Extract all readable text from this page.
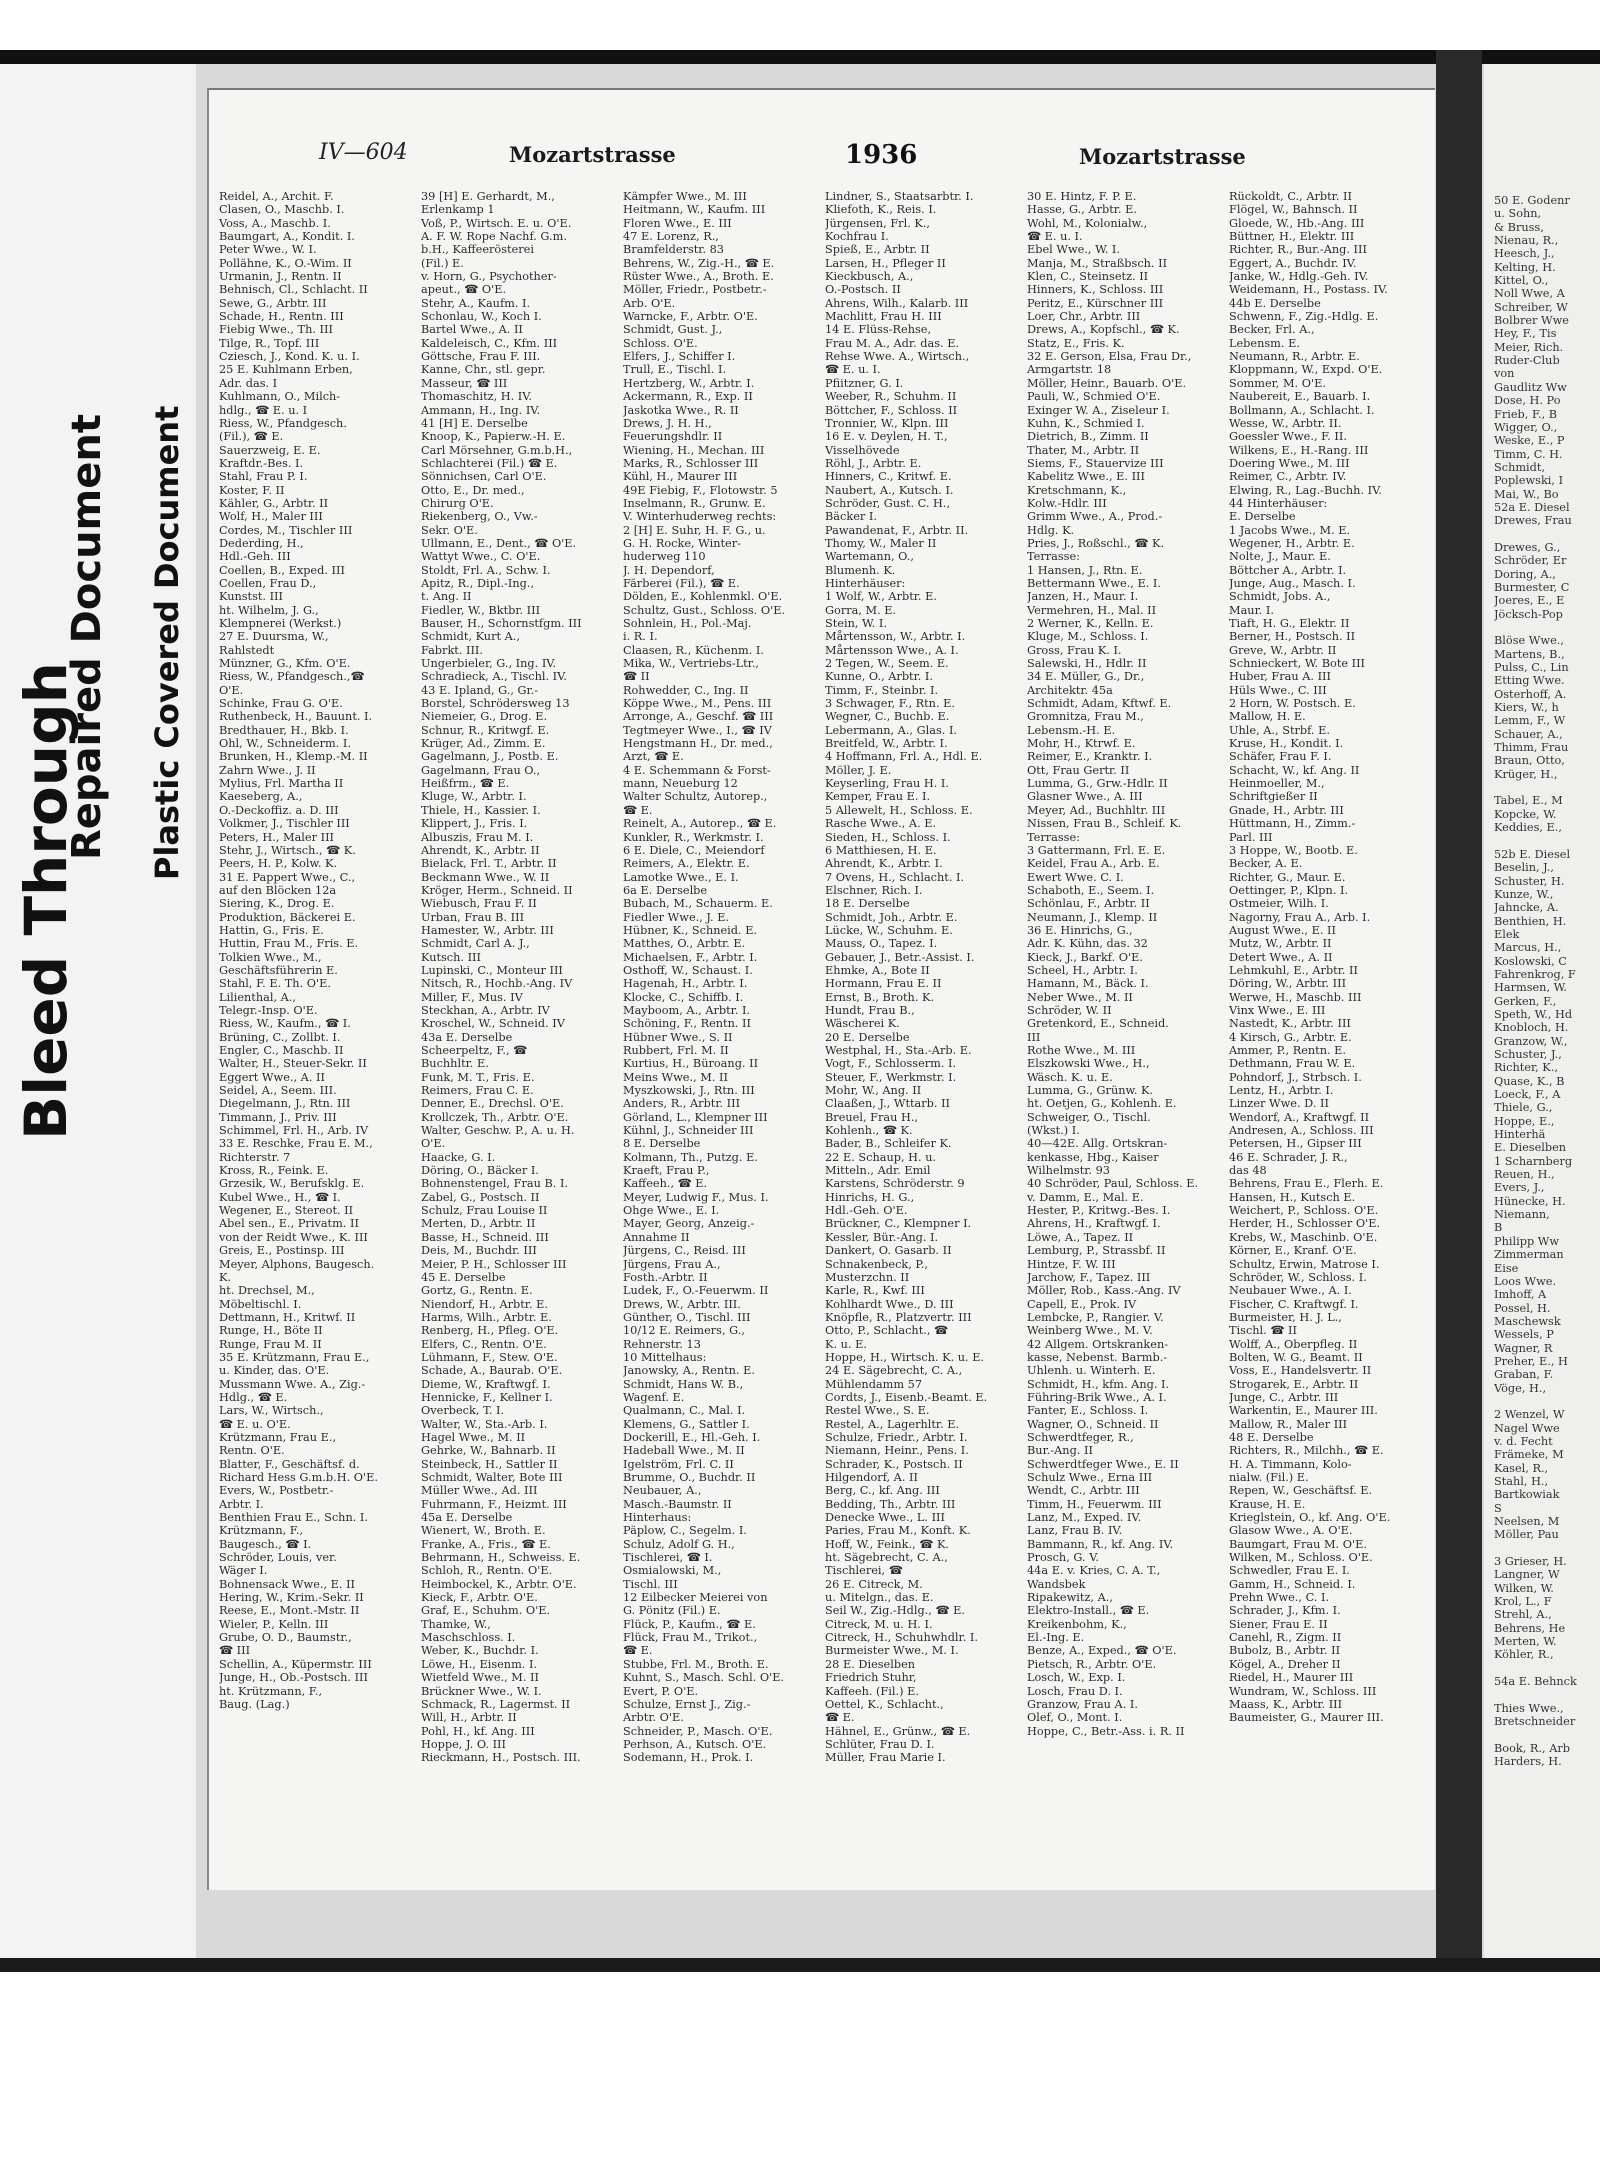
Repaired Document Plastic Covered Document
IV—604	Mozartstrasse	1936	Mozartstrasse
Reidel, A., Archit. F.
Clasen, O., Maschb. I.
Voss, A., Maschb. I.
Baumgart, A., Kondit. I.
Peter Wwe., W. I.
Pollähne, K., O.-Wim. II
Urmanin, J., Rentn. II
Behnisch, Cl., Schlacht. II
Sewe, G., Arbtr. III
Schade, H., Rentn. III
Fiebig Wwe., Th. III
Tilge, R., Topf. III
Cziesch, J., Kond. K. u. I.
25 E. Kuhlmann Erben,
Adr. das. I
Kuhlmann, O., Milch-
hdlg., ☎ E. u. I
Riess, W., Pfandgesch.
(Fil.), ☎ E.
Sauerzweig, E. E.
Kraftdr.-Bes. I.
Stahl, Frau P. I.
Koster, F. II
Kähler, G., Arbtr. II
Wolf, H., Maler III
Cordes, M., Tischler III
Dederding, H.,
Hdl.-Geh. III
Coellen, B., Exped. III
Coellen, Frau D.,
Kunstst. III
ht. Wilhelm, J. G.,
Klempnerei (Werkst.)
27 E. Duursma, W.,
Rahlstedt
Münzner, G., Kfm. O'E.
Riess, W., Pfandgesch.,☎
O'E.
Schinke, Frau G. O'E.
Ruthenbeck, H., Bauunt. I.
Bredthauer, H., Bkb. I.
Ohl, W., Schneiderm. I.
Brunken, H., Klemp.-M. II
Zahrn Wwe., J. II
Mylius, Frl. Martha II
Kaeseberg, A.,
O.-Deckoffiz. a. D. III
Volkmer, J., Tischler III
Peters, H., Maler III
Stehr, J., Wirtsch., ☎ K.
Peers, H. P., Kolw. K.
31 E. Pappert Wwe., C.,
auf den Blöcken 12a
Siering, K., Drog. E.
Produktion, Bäckerei E.
Hattin, G., Fris. E.
Huttin, Frau M., Fris. E.
Tolkien Wwe., M.,
Geschäftsführerin E.
Stahl, F. E. Th. O'E.
Lilienthal, A.,
Telegr.-Insp. O'E.
Riess, W., Kaufm., ☎ I.
Brüning, C., Zollbt. I.
Engler, C., Maschb. II
Walter, H., Steuer-Sekr. II
Eggert Wwe., A. II
Seidel, A., Seem. III.
Diegelmann, J., Rtn. III
Timmann, J., Priv. III
Schimmel, Frl. H., Arb. IV
33 E. Reschke, Frau E. M.,
Richterstr. 7
Kross, R., Feink. E.
Grzesik, W., Berufsklg. E.
Kubel Wwe., H., ☎ I.
Wegener, E., Stereot. II
Abel sen., E., Privatm. II
von der Reidt Wwe., K. III
Greis, E., Postinsp. III
Meyer, Alphons, Baugesch.
K.
ht. Drechsel, M.,
Möbeltischl. I.
Dettmann, H., Kritwf. II
Runge, H., Böte II
Runge, Frau M. II
35 E. Krützmann, Frau E.,
u. Kinder, das. O'E.
Mussmann Wwe. A., Zig.-
Hdlg., ☎ E.
Lars, W., Wirtsch.,
☎ E. u. O'E.
Krützmann, Frau E.,
Rentn. O'E.
Blatter, F., Geschäftsf. d.
Richard Hess G.m.b.H. O'E.
Evers, W., Postbetr.-
Arbtr. I.
Benthien Frau E., Schn. I.
Krützmann, F.,
Baugesch., ☎ I.
Schröder, Louis, ver.
Wäger I.
Bohnensack Wwe., E. II
Hering, W., Krim.-Sekr. II
Reese, E., Mont.-Mstr. II
Wieler, P., Kelln. III
Grube, O. D., Baumstr.,
☎ III
Schellin, A., Küpermstr. III
Junge, H., Ob.-Postsch. III
ht. Krützmann, F.,
Baug. (Lag.)
39 [H] E. Gerhardt, M.,
Erlenkamp 1
Voß, P., Wirtsch. E. u. O'E.
A. F. W. Rope Nachf. G.m.
b.H., Kaffeerösterei
(Fil.) E.
v. Horn, G., Psychother-
apeut., ☎ O'E.
Stehr, A., Kaufm. I.
Schonlau, W., Koch I.
Bartel Wwe., A. II
Kaldeleisch, C., Kfm. III
Göttsche, Frau F. III.
Kanne, Chr., stl. gepr.
Masseur, ☎ III
Thomaschitz, H. IV.
Ammann, H., Ing. IV.
41 [H] E. Derselbe
Knoop, K., Papierw.-H. E.
Carl Mörsehner, G.m.b.H.,
Schlachterei (Fil.) ☎ E.
Sönnichsen, Carl O'E.
Otto, E., Dr. med.,
Chirurg O'E.
Riekenberg, O., Vw.-
Sekr. O'E.
Ullmann, E., Dent., ☎ O'E.
Wattyt Wwe., C. O'E.
Stoldt, Frl. A., Schw. I.
Apitz, R., Dipl.-Ing.,
t. Ang. II
Fiedler, W., Bktbr. III
Bauser, H., Schornstfgm. III
Schmidt, Kurt A.,
Fabrkt. III.
Ungerbieler, G., Ing. IV.
Schradieck, A., Tischl. IV.
43 E. Ipland, G., Gr.-
Borstel, Schrödersweg 13
Niemeier, G., Drog. E.
Schnur, R., Kritwgf. E.
Krüger, Ad., Zimm. E.
Gagelmann, J., Postb. E.
Gagelmann, Frau O.,
Heißfrm., ☎ E.
Kluge, W., Arbtr. I.
Thiele, H., Kassier. I.
Klippert, J., Fris. I.
Albuszis, Frau M. I.
Ahrendt, K., Arbtr. II
Bielack, Frl. T., Arbtr. II
Beckmann Wwe., W. II
Kröger, Herm., Schneid. II
Wiebusch, Frau F. II
Urban, Frau B. III
Hamester, W., Arbtr. III
Schmidt, Carl A. J.,
Kutsch. III
Lupinski, C., Monteur III
Nitsch, R., Hochb.-Ang. IV
Miller, F., Mus. IV
Steckhan, A., Arbtr. IV
Kroschel, W., Schneid. IV
43a E. Derselbe
Scheerpeltz, F., ☎
Buchhltr. E.
Funk, M. T., Fris. E.
Reimers, Frau C. E.
Denner, E., Drechsl. O'E.
Krollczek, Th., Arbtr. O'E.
Walter, Geschw. P., A. u. H.
O'E.
Haacke, G. I.
Döring, O., Bäcker I.
Bohnenstengel, Frau B. I.
Zabel, G., Postsch. II
Schulz, Frau Louise II
Merten, D., Arbtr. II
Basse, H., Schneid. III
Deis, M., Buchdr. III
Meier, P. H., Schlosser III
45 E. Derselbe
Gortz, G., Rentn. E.
Niendorf, H., Arbtr. E.
Harms, Wilh., Arbtr. E.
Renberg, H., Pfleg. O'E.
Elfers, C., Rentn. O'E.
Lühmann, F., Stew. O'E.
Schade, A., Baurab. O'E.
Dieme, W., Kraftwgf. I.
Hennicke, F., Kellner I.
Overbeck, T. I.
Walter, W., Sta.-Arb. I.
Hagel Wwe., M. II
Gehrke, W., Bahnarb. II
Steinbeck, H., Sattler II
Schmidt, Walter, Bote III
Müller Wwe., Ad. III
Fuhrmann, F., Heizmt. III
45a E. Derselbe
Wienert, W., Broth. E.
Franke, A., Fris., ☎ E.
Behrmann, H., Schweiss. E.
Schloh, R., Rentn. O'E.
Heimbockel, K., Arbtr. O'E.
Kieck, F., Arbtr. O'E.
Graf, E., Schuhm. O'E.
Thamke, W.,
Maschschloss. I.
Weber, K., Buchdr. I.
Löwe, H., Eisenm. I.
Wietfeld Wwe., M. II
Brückner Wwe., W. I.
Schmack, R., Lagermst. II
Will, H., Arbtr. II
Pohl, H., kf. Ang. III
Hoppe, J. O. III
Rieckmann, H., Postsch. III.
Kämpfer Wwe., M. III
Heitmann, W., Kaufm. III
Floren Wwe., E. III
47 E. Lorenz, R.,
Bramfelderstr. 83
Behrens, W., Zig.-H., ☎ E.
Rüster Wwe., A., Broth. E.
Möller, Friedr., Postbetr.-
Arb. O'E.
Warncke, F., Arbtr. O'E.
Schmidt, Gust. J.,
Schloss. O'E.
Elfers, J., Schiffer I.
Trull, E., Tischl. I.
Hertzberg, W., Arbtr. I.
Ackermann, R., Exp. II
Jaskotka Wwe., R. II
Drews, J. H. H.,
Feuerungshdlr. II
Wiening, H., Mechan. III
Marks, R., Schlosser III
Kühl, H., Maurer III
49E Fiebig, F., Flotowstr. 5
Inselmann, R., Grunw. E.
V. Winterhuderweg rechts:
2 [H] E. Suhr, H. F. G., u.
G. H. Rocke, Winter-
huderweg 110
J. H. Dependorf,
Färberei (Fil.), ☎ E.
Dölden, E., Kohlenmkl. O'E.
Schultz, Gust., Schloss. O'E.
Sohnlein, H., Pol.-Maj.
i. R. I.
Claasen, R., Küchenm. I.
Mika, W., Vertriebs-Ltr.,
☎ II
Rohwedder, C., Ing. II
Köppe Wwe., M., Pens. III
Arronge, A., Geschf. ☎ III
Tegtmeyer Wwe., I., ☎ IV
Hengstmann H., Dr. med.,
Arzt, ☎ E.
4 E. Schemmann & Forst-
mann, Neueburg 12
Walter Schultz, Autorep.,
☎ E.
Reinelt, A., Autorep., ☎ E.
Kunkler, R., Werkmstr. I.
6 E. Diele, C., Meiendorf
Reimers, A., Elektr. E.
Lamotke Wwe., E. I.
6a E. Derselbe
Bubach, M., Schauerm. E.
Fiedler Wwe., J. E.
Hübner, K., Schneid. E.
Matthes, O., Arbtr. E.
Michaelsen, F., Arbtr. I.
Osthoff, W., Schaust. I.
Hagenah, H., Arbtr. I.
Klocke, C., Schiffb. I.
Mayboom, A., Arbtr. I.
Schöning, F., Rentn. II
Hübner Wwe., S. II
Rubbert, Frl. M. II
Kurtius, H., Büroang. II
Meins Wwe., M. II
Myszkowski, J., Rtn. III
Anders, R., Arbtr. III
Görland, L., Klempner III
Kühnl, J., Schneider III
8 E. Derselbe
Kolmann, Th., Putzg. E.
Kraeft, Frau P.,
Kaffeeh., ☎ E.
Meyer, Ludwig F., Mus. I.
Ohge Wwe., E. I.
Mayer, Georg, Anzeig.-
Annahme II
Jürgens, C., Reisd. III
Jürgens, Frau A.,
Fosth.-Arbtr. II
Ludek, F., O.-Feuerwm. II
Drews, W., Arbtr. III.
Günther, O., Tischl. III
10/12 E. Reimers, G.,
Rehnerstr. 13
10 Mittelhaus:
Janowsky, A., Rentn. E.
Schmidt, Hans W. B.,
Wagenf. E.
Qualmann, C., Mal. I.
Klemens, G., Sattler I.
Dockerill, E., Hl.-Geh. I.
Hadeball Wwe., M. II
Igelström, Frl. C. II
Brumme, O., Buchdr. II
Neubauer, A.,
Masch.-Baumstr. II
Hinterhaus:
Päplow, C., Segelm. I.
Schulz, Adolf G. H.,
Tischlerei, ☎ I.
Osmialowski, M.,
Tischl. III
12 Eilbecker Meierei von
G. Pönitz (Fil.) E.
Flück, P., Kaufm., ☎ E.
Flück, Frau M., Trikot.,
☎ E.
Stubbe, Frl. M., Broth. E.
Kuhnt, S., Masch. Schl. O'E.
Evert, P. O'E.
Schulze, Ernst J., Zig.-
Arbtr. O'E.
Schneider, P., Masch. O'E.
Perhson, A., Kutsch. O'E.
Sodemann, H., Prok. I.
Lindner, S., Staatsarbtr. I.
Kliefoth, K., Reis. I.
Jürgensen, Frl. K.,
Kochfrau I.
Spieß, E., Arbtr. II
Larsen, H., Pfleger II
Kieckbusch, A.,
O.-Postsch. II
Ahrens, Wilh., Kalarb. III
Machlitt, Frau H. III
14 E. Flüss-Rehse,
Frau M. A., Adr. das. E.
Rehse Wwe. A., Wirtsch.,
☎ E. u. I.
Pfiitzner, G. I.
Weeber, R., Schuhm. II
Böttcher, F., Schloss. II
Tronnier, W., Klpn. III
16 E. v. Deylen, H. T.,
Visselhövede
Röhl, J., Arbtr. E.
Hinners, C., Kritwf. E.
Naubert, A., Kutsch. I.
Schröder, Gust. C. H.,
Bäcker I.
Pawandenat, F., Arbtr. II.
Thomy, W., Maler II
Wartemann, O.,
Blumenh. K.
Hinterhäuser:
1 Wolf, W., Arbtr. E.
Gorra, M. E.
Stein, W. I.
Mårtensson, W., Arbtr. I.
Mårtensson Wwe., A. I.
2 Tegen, W., Seem. E.
Kunne, O., Arbtr. I.
Timm, F., Steinbr. I.
3 Schwager, F., Rtn. E.
Wegner, C., Buchb. E.
Lebermann, A., Glas. I.
Breitfeld, W., Arbtr. I.
4 Hoffmann, Frl. A., Hdl. E.
Möller, J. E.
Keyserling, Frau H. I.
Kemper, Frau E. I.
5 Allewelt, H., Schloss. E.
Rasche Wwe., A. E.
Sieden, H., Schloss. I.
6 Matthiesen, H. E.
Ahrendt, K., Arbtr. I.
7 Ovens, H., Schlacht. I.
Elschner, Rich. I.
18 E. Derselbe
Schmidt, Joh., Arbtr. E.
Lücke, W., Schuhm. E.
Mauss, O., Tapez. I.
Gebauer, J., Betr.-Assist. I.
Ehmke, A., Bote II
Hormann, Frau E. II
Ernst, B., Broth. K.
Hundt, Frau B.,
Wäscherei K.
20 E. Derselbe
Westphal, H., Sta.-Arb. E.
Vogt, F., Schlosserm. I.
Steuer, F., Werkmstr. I.
Mohr, W., Ang. II
Claaßen, J., Wttarb. II
Breuel, Frau H.,
Kohlenh., ☎ K.
Bader, B., Schleifer K.
22 E. Schaup, H. u.
Mitteln., Adr. Emil
Karstens, Schröderstr. 9
Hinrichs, H. G.,
Hdl.-Geh. O'E.
Brückner, C., Klempner I.
Kessler, Bür.-Ang. I.
Dankert, O. Gasarb. II
Schnakenbeck, P.,
Musterzchn. II
Karle, R., Kwf. III
Kohlhardt Wwe., D. III
Knöpfle, R., Platzvertr. III
Otto, P., Schlacht., ☎
K. u. E.
Hoppe, H., Wirtsch. K. u. E.
24 E. Sägebrecht, C. A.,
Mühlendamm 57
Cordts, J., Eisenb.-Beamt. E.
Restel Wwe., S. E.
Restel, A., Lagerhltr. E.
Schulze, Friedr., Arbtr. I.
Niemann, Heinr., Pens. I.
Schrader, K., Postsch. II
Hilgendorf, A. II
Berg, C., kf. Ang. III
Bedding, Th., Arbtr. III
Denecke Wwe., L. III
Paries, Frau M., Konft. K.
Hoff, W., Feink., ☎ K.
ht. Sägebrecht, C. A.,
Tischlerei, ☎
26 E. Citreck, M.
u. Mitelgn., das. E.
Seil W., Zig.-Hdlg., ☎ E.
Citreck, M. u. H. I.
Citreck, H., Schuhwhdlr. I.
Burmeister Wwe., M. I.
28 E. Dieselben
Friedrich Stuhr,
Kaffeeh. (Fil.) E.
Oettel, K., Schlacht.,
☎ E.
Hähnel, E., Grünw., ☎ E.
Schlüter, Frau D. I.
Müller, Frau Marie I.
30 E. Hintz, F. P. E.
Hasse, G., Arbtr. E.
Wohl, M., Kolonialw.,
☎ E. u. I.
Ebel Wwe., W. I.
Manja, M., Straßbsch. II
Klen, C., Steinsetz. II
Hinners, K., Schloss. III
Peritz, E., Kürschner III
Loer, Chr., Arbtr. III
Drews, A., Kopfschl., ☎ K.
Statz, E., Fris. K.
32 E. Gerson, Elsa, Frau Dr.,
Armgartstr. 18
Möller, Heinr., Bauarb. O'E.
Pauli, W., Schmied O'E.
Exinger W. A., Ziseleur I.
Kuhn, K., Schmied I.
Dietrich, B., Zimm. II
Thater, M., Arbtr. II
Siems, F., Stauervize III
Kabelitz Wwe., E. III
Kretschmann, K.,
Kolw.-Hdlr. III
Grimm Wwe., A., Prod.-
Hdlg. K.
Pries, J., Roßschl., ☎ K.
Terrasse:
1 Hansen, J., Rtn. E.
Bettermann Wwe., E. I.
Janzen, H., Maur. I.
Vermehren, H., Mal. II
2 Werner, K., Kelln. E.
Kluge, M., Schloss. I.
Gross, Frau K. I.
Salewski, H., Hdlr. II
34 E. Müller, G., Dr.,
Architektr. 45a
Schmidt, Adam, Kftwf. E.
Gromnitza, Frau M.,
Lebensm.-H. E.
Mohr, H., Ktrwf. E.
Reimer, E., Kranktr. I.
Ott, Frau Gertr. II
Lumma, G., Grw.-Hdlr. II
Glasner Wwe., A. III
Meyer, Ad., Buchhltr. III
Nissen, Frau B., Schleif. K.
Terrasse:
3 Gattermann, Frl. E. E.
Keidel, Frau A., Arb. E.
Ewert Wwe. C. I.
Schaboth, E., Seem. I.
Schönlau, F., Arbtr. II
Neumann, J., Klemp. II
36 E. Hinrichs, G.,
Adr. K. Kühn, das. 32
Kieck, J., Barkf. O'E.
Scheel, H., Arbtr. I.
Hamann, M., Bäck. I.
Neber Wwe., M. II
Schröder, W. II
Gretenkord, E., Schneid.
III
Rothe Wwe., M. III
Elszkowski Wwe., H.,
Wäsch. K. u. E.
Lumma, G., Grünw. K.
ht. Oetjen, G., Kohlenh. E.
Schweiger, O., Tischl.
(Wkst.) I.
40—42E. Allg. Ortskran-
kenkasse, Hbg., Kaiser
Wilhelmstr. 93
40 Schröder, Paul, Schloss. E.
v. Damm, E., Mal. E.
Hester, P., Kritwg.-Bes. I.
Ahrens, H., Kraftwgf. I.
Löwe, A., Tapez. II
Lemburg, P., Strassbf. II
Hintze, F. W. III
Jarchow, F., Tapez. III
Möller, Rob., Kass.-Ang. IV
Capell, E., Prok. IV
Lembcke, P., Rangier. V.
Weinberg Wwe., M. V.
42 Allgem. Ortskranken-
kasse, Nebenst. Barmb.-
Uhlenh. u. Winterh. E.
Schmidt, H., kfm. Ang. I.
Führing-Brik Wwe., A. I.
Fanter, E., Schloss. I.
Wagner, O., Schneid. II
Schwerdtfeger, R.,
Bur.-Ang. II
Schwerdtfeger Wwe., E. II
Schulz Wwe., Erna III
Wendt, C., Arbtr. III
Timm, H., Feuerwm. III
Lanz, M., Exped. IV.
Lanz, Frau B. IV.
Bammann, R., kf. Ang. IV.
Prosch, G. V.
44a E. v. Kries, C. A. T.,
Wandsbek
Ripakewitz, A.,
Elektro-Install., ☎ E.
Kreikenbohm, K.,
El.-Ing. E.
Benze, A., Exped., ☎ O'E.
Pietsch, R., Arbtr. O'E.
Losch, W., Exp. I.
Losch, Frau D. I.
Granzow, Frau A. I.
Olef, O., Mont. I.
Hoppe, C., Betr.-Ass. i. R. II
Rückoldt, C., Arbtr. II
Flögel, W., Bahnsch. II
Gloede, W., Hb.-Ang. III
Büttner, H., Elektr. III
Richter, R., Bur.-Ang. III
Eggert, A., Buchdr. IV.
Janke, W., Hdlg.-Geh. IV.
Weidemann, H., Postass. IV.
44b E. Derselbe
Schwenn, F., Zig.-Hdlg. E.
Becker, Frl. A.,
Lebensm. E.
Neumann, R., Arbtr. E.
Kloppmann, W., Expd. O'E.
Sommer, M. O'E.
Naubereit, E., Bauarb. I.
Bollmann, A., Schlacht. I.
Wesse, W., Arbtr. II.
Goessler Wwe., F. II.
Wilkens, E., H.-Rang. III
Doering Wwe., M. III
Reimer, C., Arbtr. IV.
Elwing, R., Lag.-Buchh. IV.
44 Hinterhäuser:
E. Derselbe
1 Jacobs Wwe., M. E.
Wegener, H., Arbtr. E.
Nolte, J., Maur. E.
Böttcher A., Arbtr. I.
Junge, Aug., Masch. I.
Schmidt, Jobs. A.,
Maur. I.
Tiaft, H. G., Elektr. II
Berner, H., Postsch. II
Greve, W., Arbtr. II
Schnieckert, W. Bote III
Huber, Frau A. III
Hüls Wwe., C. III
2 Horn, W. Postsch. E.
Mallow, H. E.
Uhle, A., Strbf. E.
Kruse, H., Kondit. I.
Schäfer, Frau F. I.
Schacht, W., kf. Ang. II
Heinmoeller, M.,
Schriftgießer II
Gnade, H., Arbtr. III
Hüttmann, H., Zimm.-
Parl. III
3 Hoppe, W., Bootb. E.
Becker, A. E.
Richter, G., Maur. E.
Oettinger, P., Klpn. I.
Ostmeier, Wilh. I.
Nagorny, Frau A., Arb. I.
August Wwe., E. II
Mutz, W., Arbtr. II
Detert Wwe., A. II
Lehmkuhl, E., Arbtr. II
Döring, W., Arbtr. III
Werwe, H., Maschb. III
Vinx Wwe., E. III
Nastedt, K., Arbtr. III
4 Kirsch, G., Arbtr. E.
Ammer, P., Rentn. E.
Dethmann, Frau W. E.
Pohndorf, J., Strbsch. I.
Lentz, H., Arbtr. I.
Linzer Wwe. D. II
Wendorf, A., Kraftwgf. II
Andresen, A., Schloss. III
Petersen, H., Gipser III
46 E. Schrader, J. R.,
das 48
Behrens, Frau E., Flerh. E.
Hansen, H., Kutsch E.
Weichert, P., Schloss. O'E.
Herder, H., Schlosser O'E.
Krebs, W., Maschinb. O'E.
Körner, E., Kranf. O'E.
Schultz, Erwin, Matrose I.
Schröder, W., Schloss. I.
Neubauer Wwe., A. I.
Fischer, C. Kraftwgf. I.
Burmeister, H. J. L.,
Tischl. ☎ II
Wolff, A., Oberpfleg. II
Bolten, W. G., Beamt. II
Voss, E., Handelsvertr. II
Strogarek, E., Arbtr. II
Junge, C., Arbtr. III
Warkentin, E., Maurer III.
Mallow, R., Maler III
48 E. Derselbe
Richters, R., Milchh., ☎ E.
H. A. Timmann, Kolo-
nialw. (Fil.) E.
Repen, W., Geschäftsf. E.
Krause, H. E.
Krieglstein, O., kf. Ang. O'E.
Glasow Wwe., A. O'E.
Baumgart, Frau M. O'E.
Wilken, M., Schloss. O'E.
Schwedler, Frau E. I.
Gamm, H., Schneid. I.
Prehn Wwe., C. I.
Schrader, J., Kfm. I.
Siener, Frau E. II
Canehl, R., Zigm. II
Bubolz, B., Arbtr. II
Kögel, A., Dreher II
Riedel, H., Maurer III
Wundram, W., Schloss. III
Maass, K., Arbtr. III
Baumeister, G., Maurer III.
50 E. Godenr
u. Sohn,
& Bruss,
Nienau, R.,
Heesch, J.,
Kelting, H.
Kittel, O.,
Noll Wwe, A
Schreiber, W
Bolbrer Wwe
Hey, F., Tis
Meier, Rich.
Ruder-Club
von
Gaudlitz Ww
Dose, H. Po
Frieb, F., B
Wigger, O.,
Weske, E., P
Timm, C. H.
Schmidt,
Poplewski, I
Mai, W., Bo
52a E. Diesel
Drewes, Frau

Drewes, G.,
Schröder, Er
Doring, A.,
Burmester, C
Joeres, E., E
Jöcksch-Pop

Blöse Wwe.,
Martens, B.,
Pulss, C., Lin
Etting Wwe.
Osterhoff, A.
Kiers, W., h
Lemm, F., W
Schauer, A.,
Thimm, Frau
Braun, Otto,
Krüger, H.,

Tabel, E., M
Kopcke, W.
Keddies, E.,

52b E. Diesel
Beselin, J.,
Schuster, H.
Kunze, W.,
Jahncke, A.
Benthien, H.
Elek
Marcus, H.,
Koslowski, C
Fahrenkrog, F
Harmsen, W.
Gerken, F.,
Speth, W., Hd
Knobloch, H.
Granzow, W.,
Schuster, J.,
Richter, K.,
Quase, K., B
Loeck, F., A
Thiele, G.,
Hoppe, E.,
Hinterhä
E. Dieselben
1 Scharnberg
Reuen, H.,
Evers, J.,
Hünecke, H.
Niemann,
B
Philipp Ww
Zimmerman
Eise
Loos Wwe.
Imhoff, A
Possel, H.
Maschewsk
Wessels, P
Wagner, R
Preher, E., H
Graban, F.
Vöge, H.,

2 Wenzel, W
Nagel Wwe
v. d. Fecht
Främeke, M
Kasel, R.,
Stahl, H.,
Bartkowiak
S
Neelsen, M
Möller, Pau

3 Grieser, H.
Langner, W
Wilken, W.
Krol, L., F
Strehl, A.,
Behrens, He
Merten, W.
Köhler, R.,

54a E. Behnck

Thies Wwe.,
Bretschneider

Book, R., Arb
Harders, H.
